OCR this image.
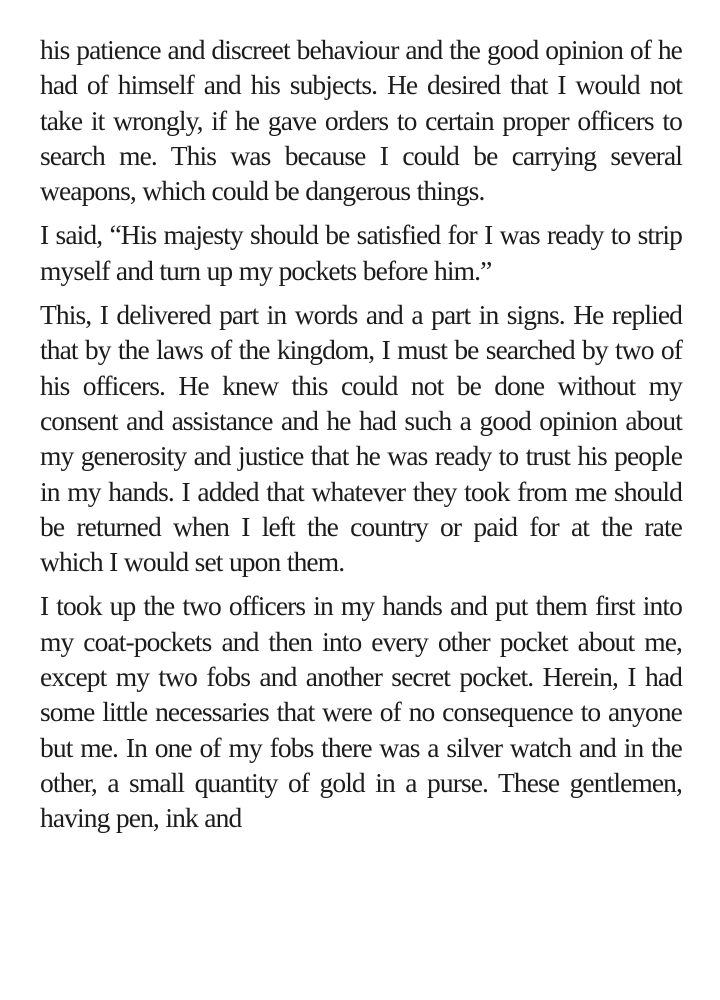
his patience and discreet behaviour and the good opinion of he had of himself and his subjects. He desired that I would not take it wrongly, if he gave orders to certain proper officers to search me. This was because I could be carrying several weapons, which could be dangerous things.

I said, “His majesty should be satisfied for I was ready to strip myself and turn up my pockets before him.”

This, I delivered part in words and a part in signs. He replied that by the laws of the kingdom, I must be searched by two of his officers. He knew this could not be done without my consent and assistance and he had such a good opinion about my generosity and justice that he was ready to trust his people in my hands. I added that whatever they took from me should be returned when I left the country or paid for at the rate which I would set upon them.

I took up the two officers in my hands and put them first into my coat-pockets and then into every other pocket about me, except my two fobs and another secret pocket. Herein, I had some little necessaries that were of no consequence to anyone but me. In one of my fobs there was a silver watch and in the other, a small quantity of gold in a purse. These gentlemen, having pen, ink and
